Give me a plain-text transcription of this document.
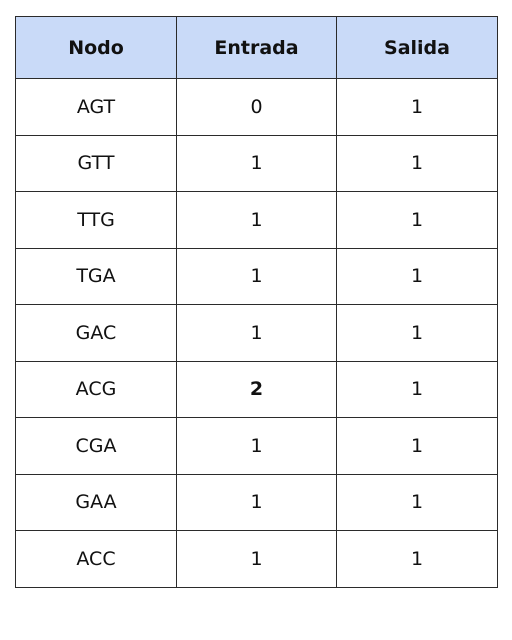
Nodo	Entrada	Salida
AGT	0	1
GTT	1	1
TTG	1	1
TGA	1	1
GAC	1	1
ACG	2	1
CGA	1	1
GAA	1	1
ACC	1	1
